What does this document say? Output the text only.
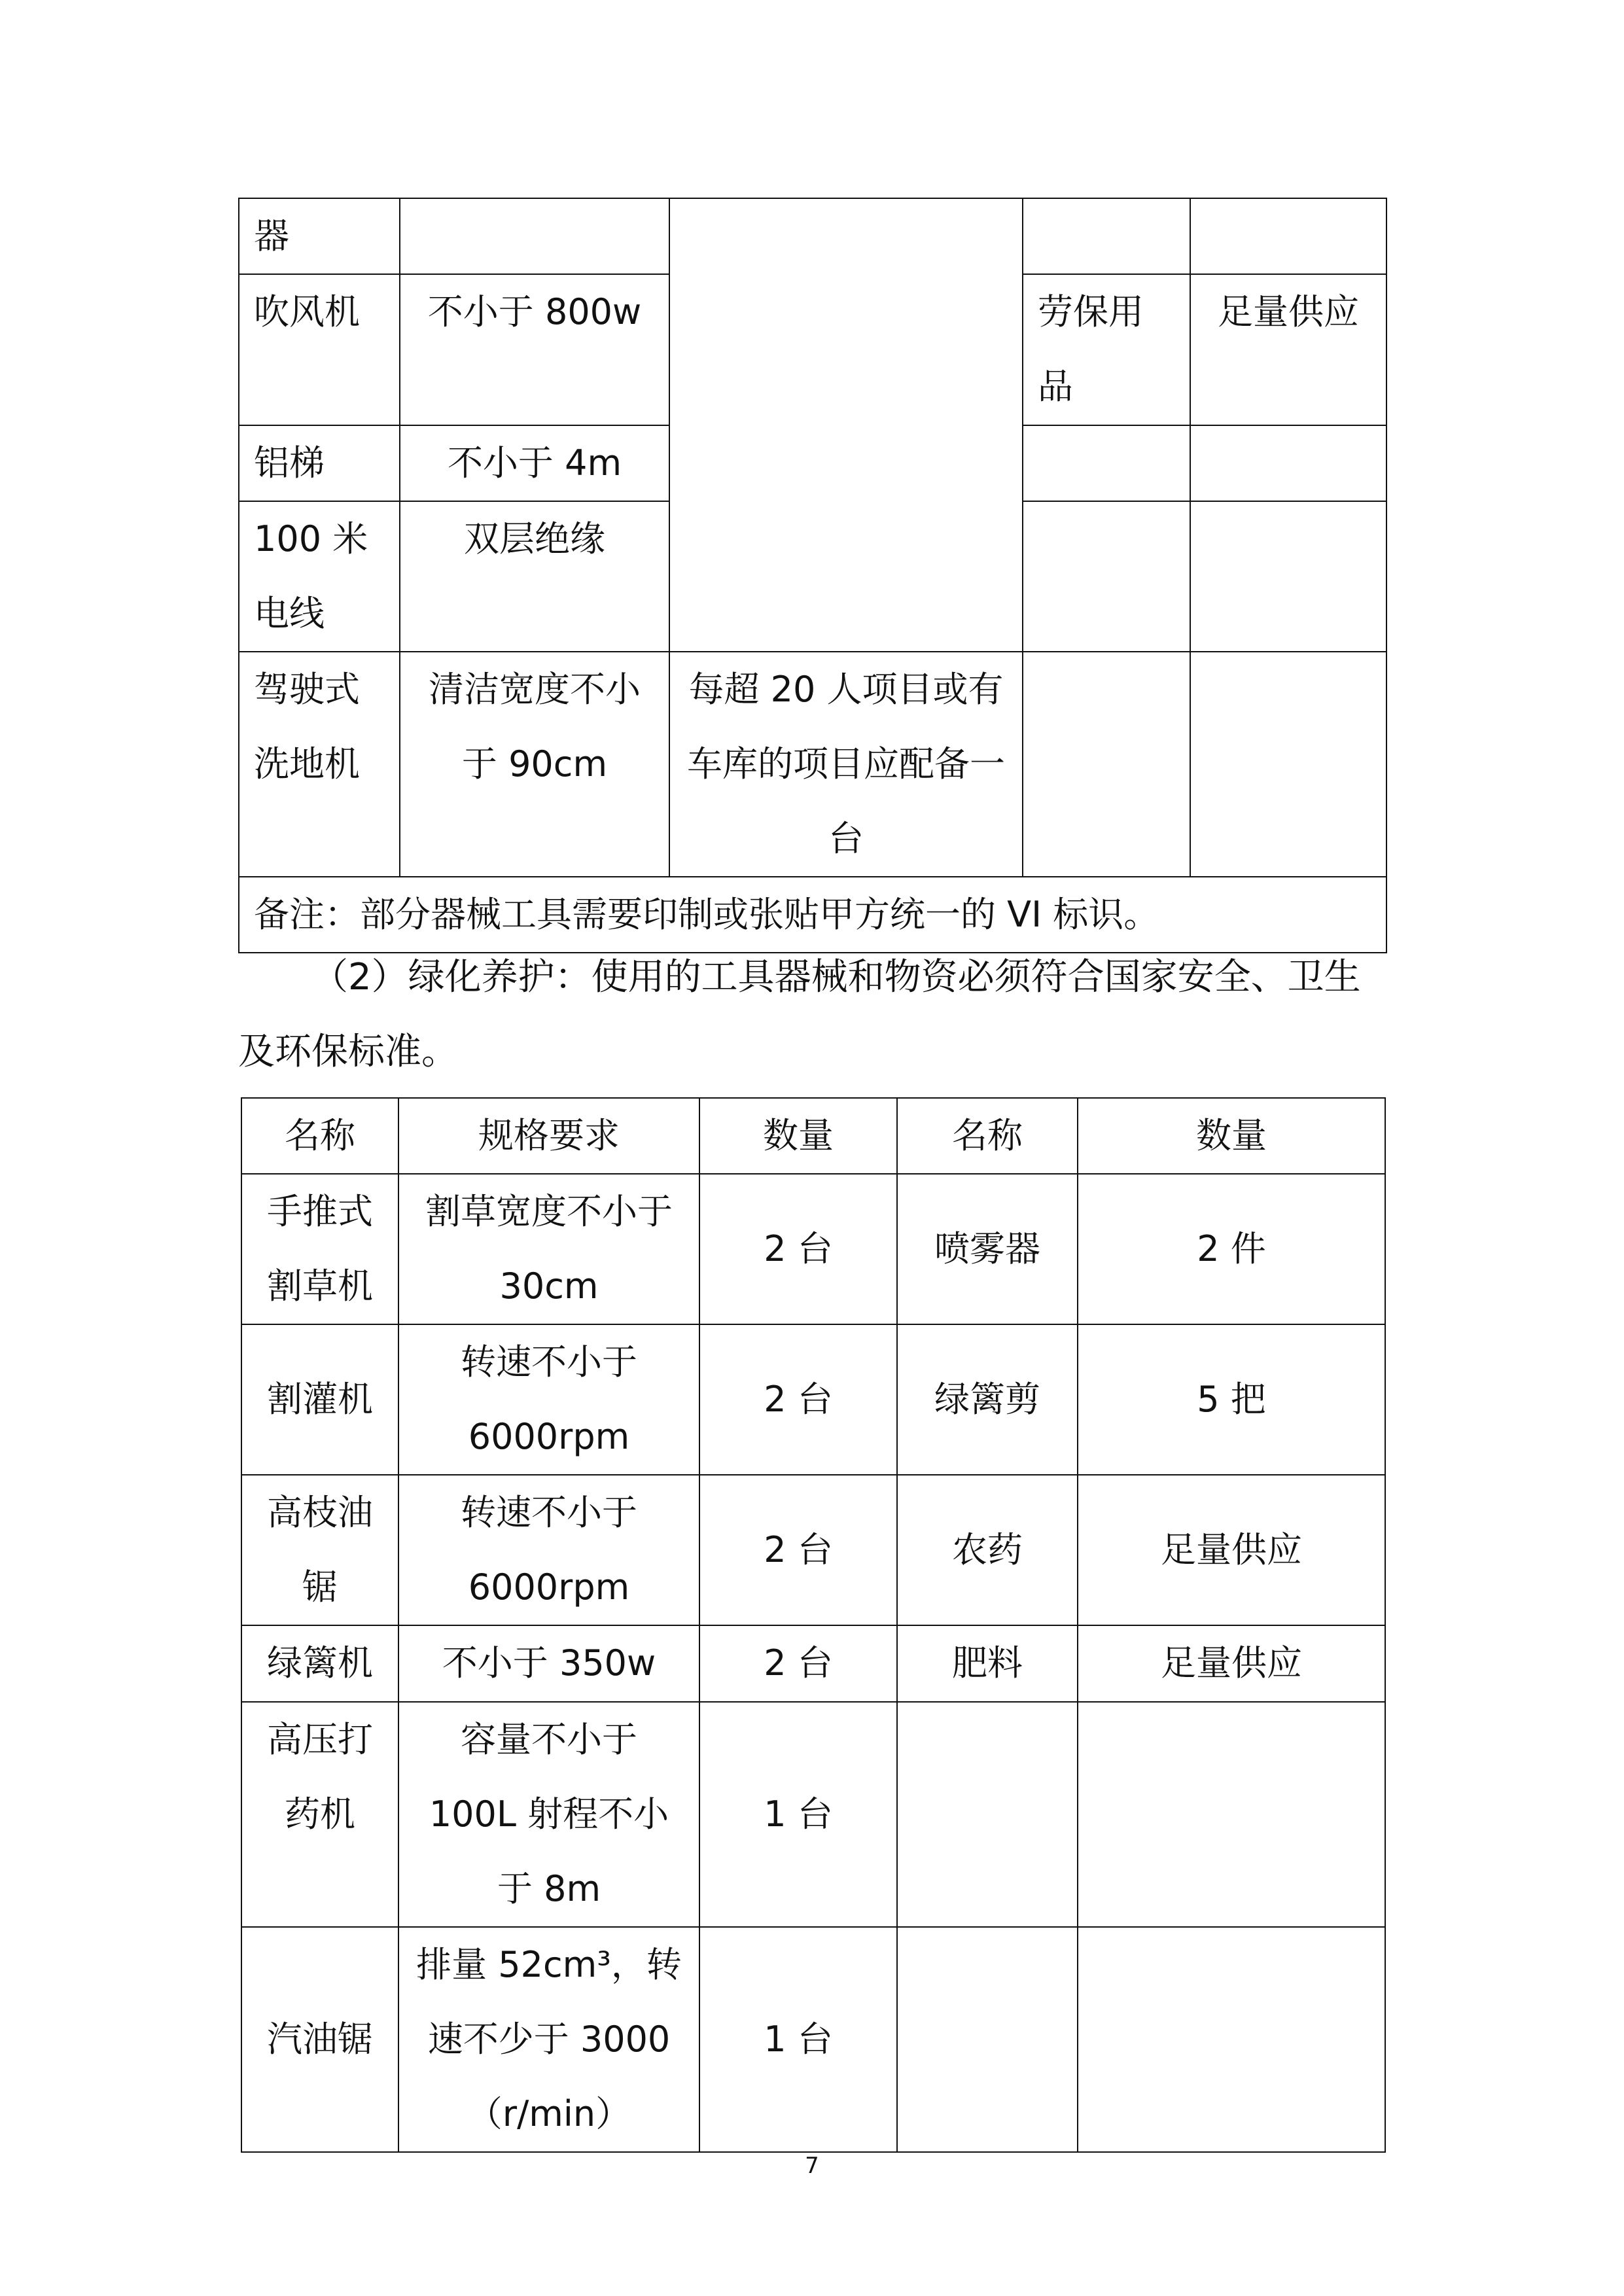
器				
吹风机	不小于 800w		劳保用品	足量供应
铝梯	不小于 4m			
100 米电线	双层绝缘			
驾驶式洗地机	清洁宽度不小于 90cm	每超 20 人项目或有车库的项目应配备一台		
备注：部分器械工具需要印制或张贴甲方统一的 VI 标识。				

（2）绿化养护：使用的工具器械和物资必须符合国家安全、卫生及环保标准。

名称	规格要求	数量	名称	数量
手推式割草机	割草宽度不小于 30cm	2 台	喷雾器	2 件
割灌机	转速不小于 6000rpm	2 台	绿篱剪	5 把
高枝油锯	转速不小于 6000rpm	2 台	农药	足量供应
绿篱机	不小于 350w	2 台	肥料	足量供应
高压打药机	容量不小于 100L 射程不小于 8m	1 台		
汽油锯	排量 52cm³，转速不少于 3000（r/min）	1 台		
7
